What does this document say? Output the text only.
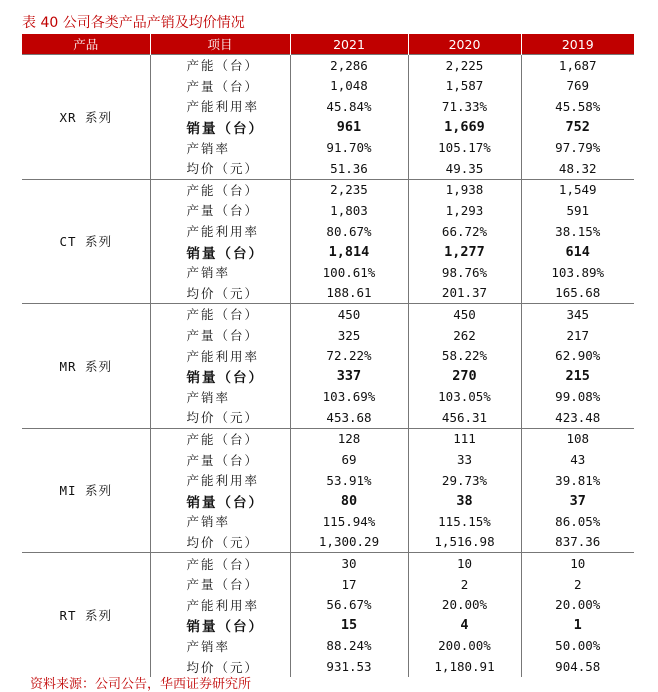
表 40 公司各类产品产销及均价情况
产品	项目	2021	2020	2019
XR 系列	产能（台）	2,286	2,225	1,687
	产量（台）	1,048	1,587	769
	产能利用率	45.84%	71.33%	45.58%
	销量（台）	961	1,669	752
	产销率	91.70%	105.17%	97.79%
	均价（元）	51.36	49.35	48.32
CT 系列	产能（台）	2,235	1,938	1,549
	产量（台）	1,803	1,293	591
	产能利用率	80.67%	66.72%	38.15%
	销量（台）	1,814	1,277	614
	产销率	100.61%	98.76%	103.89%
	均价（元）	188.61	201.37	165.68
MR 系列	产能（台）	450	450	345
	产量（台）	325	262	217
	产能利用率	72.22%	58.22%	62.90%
	销量（台）	337	270	215
	产销率	103.69%	103.05%	99.08%
	均价（元）	453.68	456.31	423.48
MI 系列	产能（台）	128	111	108
	产量（台）	69	33	43
	产能利用率	53.91%	29.73%	39.81%
	销量（台）	80	38	37
	产销率	115.94%	115.15%	86.05%
	均价（元）	1,300.29	1,516.98	837.36
RT 系列	产能（台）	30	10	10
	产量（台）	17	2	2
	产能利用率	56.67%	20.00%	20.00%
	销量（台）	15	4	1
	产销率	88.24%	200.00%	50.00%
	均价（元）	931.53	1,180.91	904.58
资料来源：公司公告，华西证券研究所
